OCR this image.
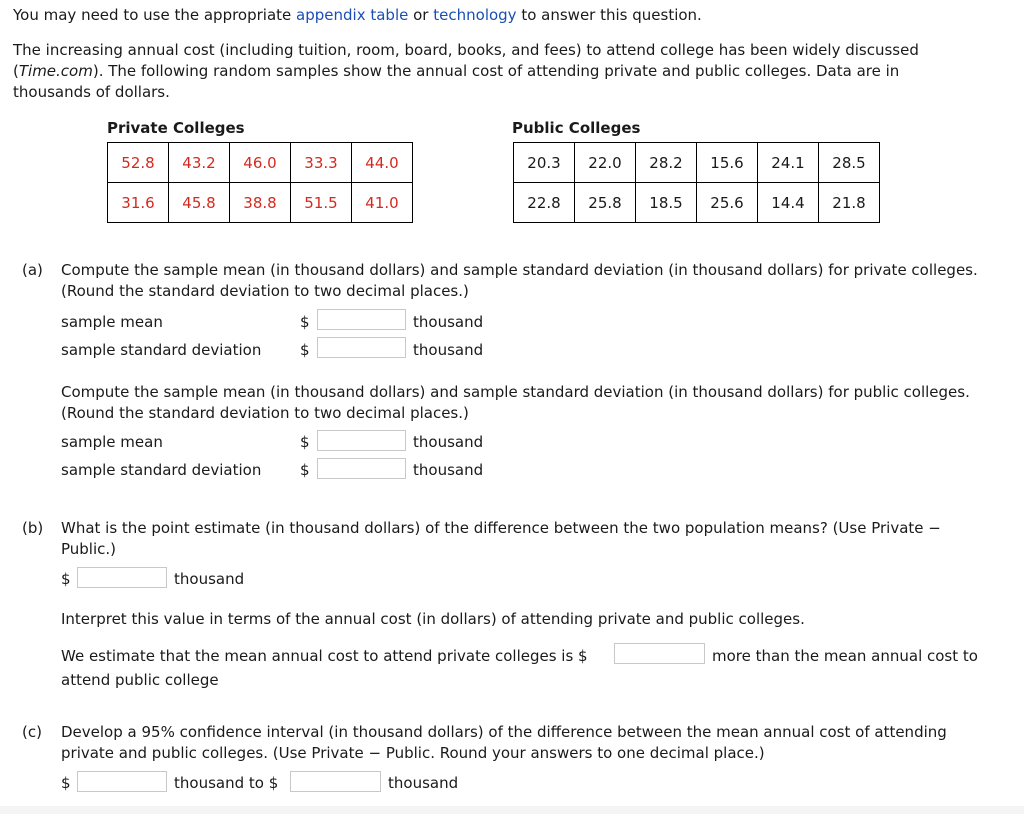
You may need to use the appropriate appendix table or technology to answer this question.
The increasing annual cost (including tuition, room, board, books, and fees) to attend college has been widely discussed
(Time.com). The following random samples show the annual cost of attending private and public colleges. Data are in
thousands of dollars.
Private Colleges	Public Colleges
52.8	43.2	46.0	33.3	44.0
31.6	45.8	38.8	51.5	41.0
20.3	22.0	28.2	15.6	24.1	28.5
22.8	25.8	18.5	25.6	14.4	21.8
(a) Compute the sample mean (in thousand dollars) and sample standard deviation (in thousand dollars) for private colleges.
(Round the standard deviation to two decimal places.)
sample mean	$	thousand
sample standard deviation	$	thousand
Compute the sample mean (in thousand dollars) and sample standard deviation (in thousand dollars) for public colleges.
(Round the standard deviation to two decimal places.)
sample mean	$	thousand
sample standard deviation	$	thousand
(b) What is the point estimate (in thousand dollars) of the difference between the two population means? (Use Private −
Public.)
$	thousand
Interpret this value in terms of the annual cost (in dollars) of attending private and public colleges.
We estimate that the mean annual cost to attend private colleges is $	more than the mean annual cost to
attend public college
(c) Develop a 95% confidence interval (in thousand dollars) of the difference between the mean annual cost of attending
private and public colleges. (Use Private − Public. Round your answers to one decimal place.)
$	thousand to $	thousand
